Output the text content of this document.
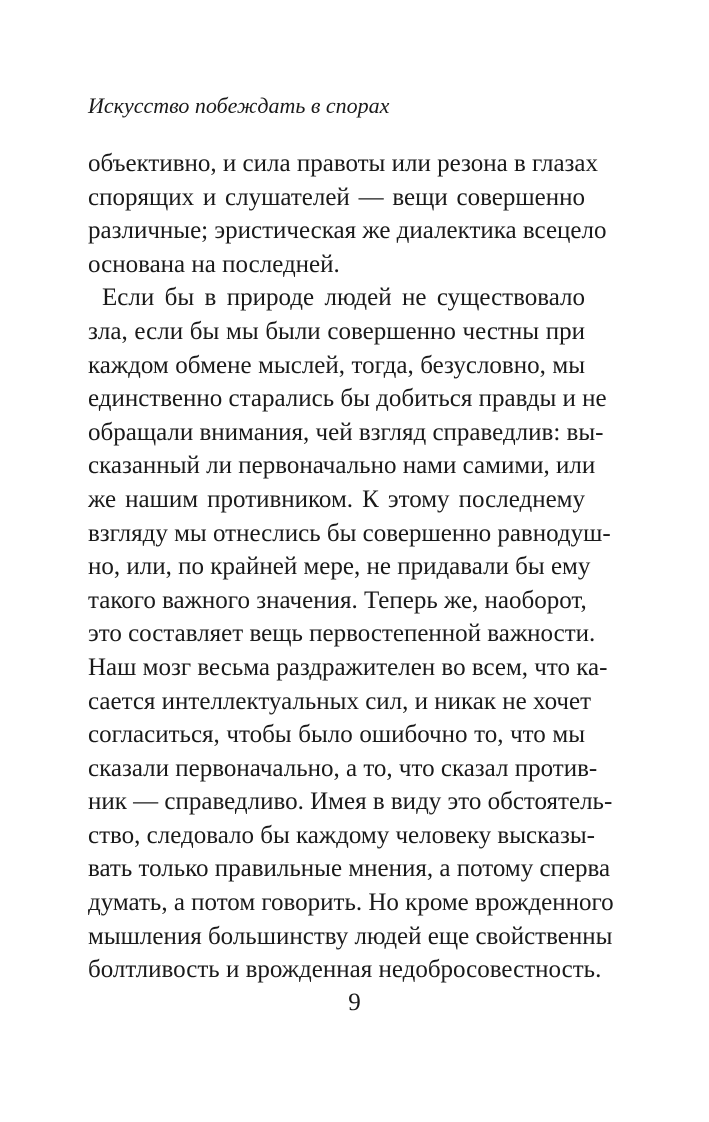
Искусство побеждать в спорах
объективно, и сила правоты или резона в глазах
спорящих и слушателей — вещи совершенно
различные; эристическая же диалектика всецело
основана на последней.
Если бы в природе людей не существовало
зла, если бы мы были совершенно честны при
каждом обмене мыслей, тогда, безусловно, мы
единственно старались бы добиться правды и не
обращали внимания, чей взгляд справедлив: вы-
сказанный ли первоначально нами самими, или
же нашим противником. К этому последнему
взгляду мы отнеслись бы совершенно равнодуш-
но, или, по крайней мере, не придавали бы ему
такого важного значения. Теперь же, наоборот,
это составляет вещь первостепенной важности.
Наш мозг весьма раздражителен во всем, что ка-
сается интеллектуальных сил, и никак не хочет
согласиться, чтобы было ошибочно то, что мы
сказали первоначально, а то, что сказал против-
ник — справедливо. Имея в виду это обстоятель-
ство, следовало бы каждому человеку высказы-
вать только правильные мнения, а потому сперва
думать, а потом говорить. Но кроме врожденного
мышления большинству людей еще свойственны
болтливость и врожденная недобросовестность.
9
